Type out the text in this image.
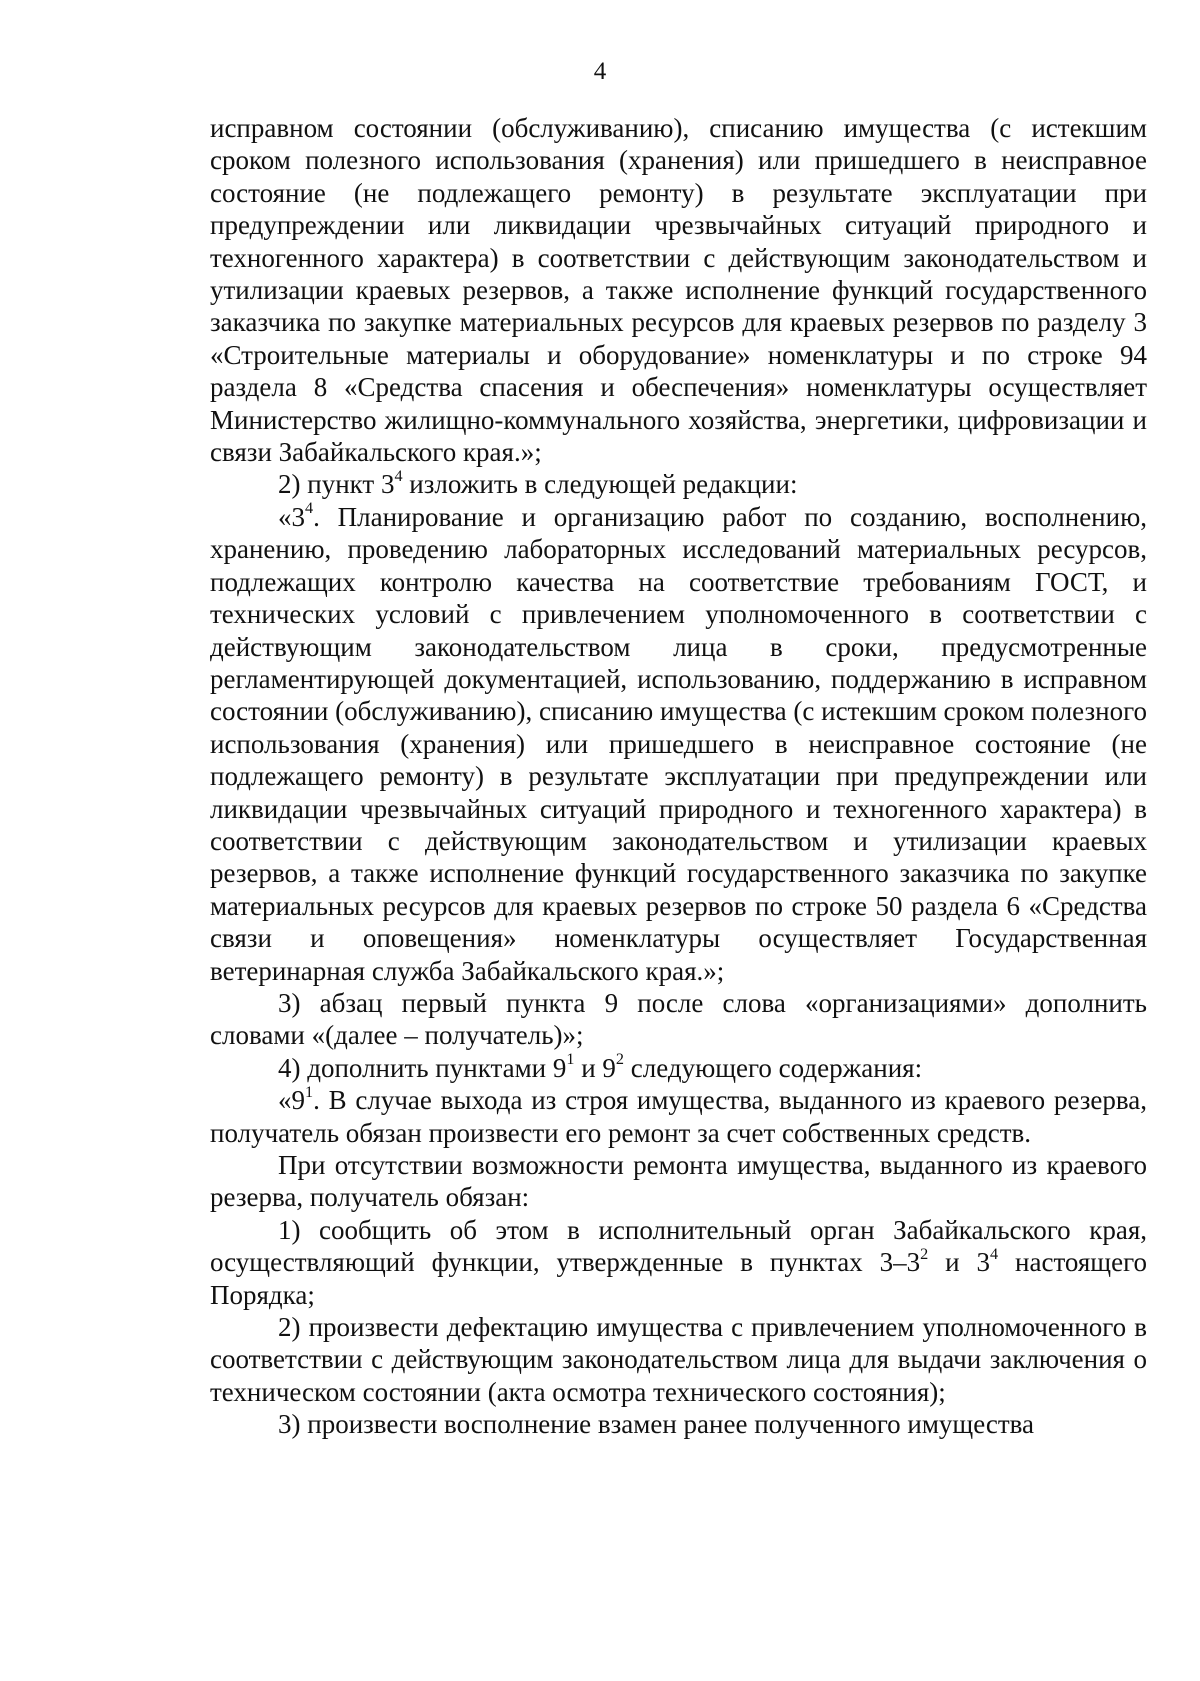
4

исправном состоянии (обслуживанию), списанию имущества (с истекшим сроком полезного использования (хранения) или пришедшего в неисправное состояние (не подлежащего ремонту) в результате эксплуатации при предупреждении или ликвидации чрезвычайных ситуаций природного и техногенного характера) в соответствии с действующим законодательством и утилизации краевых резервов, а также исполнение функций государственного заказчика по закупке материальных ресурсов для краевых резервов по разделу 3 «Строительные материалы и оборудование» номенклатуры и по строке 94 раздела 8 «Средства спасения и обеспечения» номенклатуры осуществляет Министерство жилищно-коммунального хозяйства, энергетики, цифровизации и связи Забайкальского края.»;

2) пункт $3^4$ изложить в следующей редакции:

«$3^4$. Планирование и организацию работ по созданию, восполнению, хранению, проведению лабораторных исследований материальных ресурсов, подлежащих контролю качества на соответствие требованиям ГОСТ, и технических условий с привлечением уполномоченного в соответствии с действующим законодательством лица в сроки, предусмотренные регламентирующей документацией, использованию, поддержанию в исправном состоянии (обслуживанию), списанию имущества (с истекшим сроком полезного использования (хранения) или пришедшего в неисправное состояние (не подлежащего ремонту) в результате эксплуатации при предупреждении или ликвидации чрезвычайных ситуаций природного и техногенного характера) в соответствии с действующим законодательством и утилизации краевых резервов, а также исполнение функций государственного заказчика по закупке материальных ресурсов для краевых резервов по строке 50 раздела 6 «Средства связи и оповещения» номенклатуры осуществляет Государственная ветеринарная служба Забайкальского края.»;

3) абзац первый пункта 9 после слова «организациями» дополнить словами «(далее – получатель)»;

4) дополнить пунктами $9^1$ и $9^2$ следующего содержания:

«$9^1$. В случае выхода из строя имущества, выданного из краевого резерва, получатель обязан произвести его ремонт за счет собственных средств.

При отсутствии возможности ремонта имущества, выданного из краевого резерва, получатель обязан:

1) сообщить об этом в исполнительный орган Забайкальского края, осуществляющий функции, утвержденные в пунктах $3-3^2$ и $3^4$ настоящего Порядка;

2) произвести дефектацию имущества с привлечением уполномоченного в соответствии с действующим законодательством лица для выдачи заключения о техническом состоянии (акта осмотра технического состояния);

3) произвести восполнение взамен ранее полученного имущества
